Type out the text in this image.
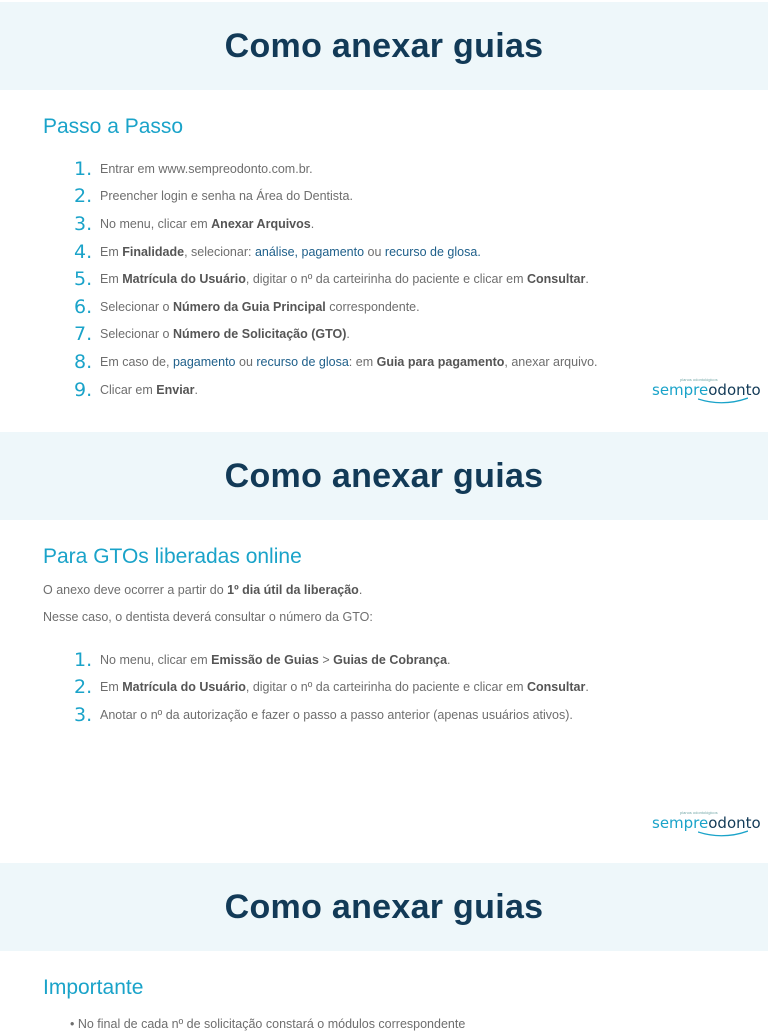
Como anexar guias
Passo a Passo
1. Entrar em www.sempreodonto.com.br.
2. Preencher login e senha na Área do Dentista.
3. No menu, clicar em Anexar Arquivos.
4. Em Finalidade, selecionar: análise, pagamento ou recurso de glosa.
5. Em Matrícula do Usuário, digitar o nº da carteirinha do paciente e clicar em Consultar.
6. Selecionar o Número da Guia Principal correspondente.
7. Selecionar o Número de Solicitação (GTO).
8. Em caso de, pagamento ou recurso de glosa: em Guia para pagamento, anexar arquivo.
9. Clicar em Enviar.
planos odontológicos
sempreodonto
Como anexar guias
Para GTOs liberadas online

O anexo deve ocorrer a partir do 1º dia útil da liberação.

Nesse caso, o dentista deverá consultar o número da GTO:

1. No menu, clicar em Emissão de Guias > Guias de Cobrança.
2. Em Matrícula do Usuário, digitar o nº da carteirinha do paciente e clicar em Consultar.
3. Anotar o nº da autorização e fazer o passo a passo anterior (apenas usuários ativos).
planos odontológicos
sempreodonto
Como anexar guias
Importante
• No final de cada nº de solicitação constará o módulos correspondente
